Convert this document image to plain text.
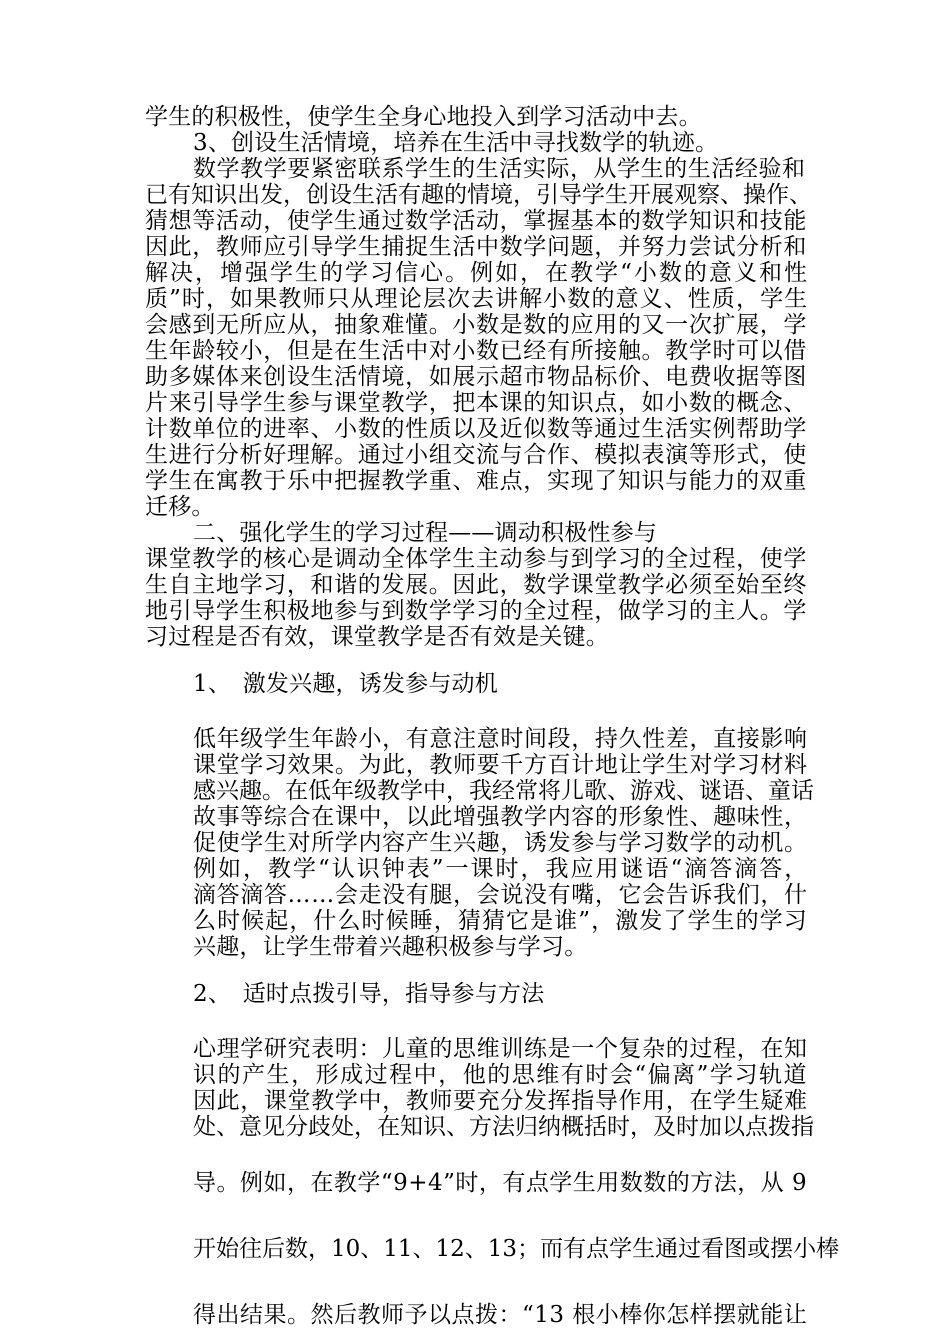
学生的积极性，使学生全身心地投入到学习活动中去。
3、创设生活情境，培养在生活中寻找数学的轨迹。
数学教学要紧密联系学生的生活实际，从学生的生活经验和
已有知识出发，创设生活有趣的情境，引导学生开展观察、操作、
猜想等活动，使学生通过数学活动，掌握基本的数学知识和技能
因此，教师应引导学生捕捉生活中数学问题，并努力尝试分析和
解决，增强学生的学习信心。例如，在教学“小数的意义和性
质”时，如果教师只从理论层次去讲解小数的意义、性质，学生
会感到无所应从，抽象难懂。小数是数的应用的又一次扩展，学
生年龄较小，但是在生活中对小数已经有所接触。教学时可以借
助多媒体来创设生活情境，如展示超市物品标价、电费收据等图
片来引导学生参与课堂教学，把本课的知识点，如小数的概念、
计数单位的进率、小数的性质以及近似数等通过生活实例帮助学
生进行分析好理解。通过小组交流与合作、模拟表演等形式，使
学生在寓教于乐中把握教学重、难点，实现了知识与能力的双重
迁移。
二、强化学生的学习过程——调动积极性参与
课堂教学的核心是调动全体学生主动参与到学习的全过程，使学
生自主地学习，和谐的发展。因此，数学课堂教学必须至始至终
地引导学生积极地参与到数学学习的全过程，做学习的主人。学
习过程是否有效，课堂教学是否有效是关键。
1、　激发兴趣，诱发参与动机
低年级学生年龄小，有意注意时间段，持久性差，直接影响
课堂学习效果。为此，教师要千方百计地让学生对学习材料
感兴趣。在低年级教学中，我经常将儿歌、游戏、谜语、童话
故事等综合在课中，以此增强教学内容的形象性、趣味性，
促使学生对所学内容产生兴趣，诱发参与学习数学的动机。
例如，教学“认识钟表”一课时，我应用谜语“滴答滴答，
滴答滴答……会走没有腿，会说没有嘴，它会告诉我们，什
么时候起，什么时候睡，猜猜它是谁”，激发了学生的学习
兴趣，让学生带着兴趣积极参与学习。
2、　适时点拨引导，指导参与方法
心理学研究表明：儿童的思维训练是一个复杂的过程，在知
识的产生，形成过程中，他的思维有时会“偏离”学习轨道
因此，课堂教学中，教师要充分发挥指导作用，在学生疑难
处、意见分歧处，在知识、方法归纳概括时，及时加以点拨指
导。例如，在教学“9+4”时，有点学生用数数的方法，从 9
开始往后数，10、11、12、13；而有点学生通过看图或摆小棒
得出结果。然后教师予以点拨：“13 根小棒你怎样摆就能让
